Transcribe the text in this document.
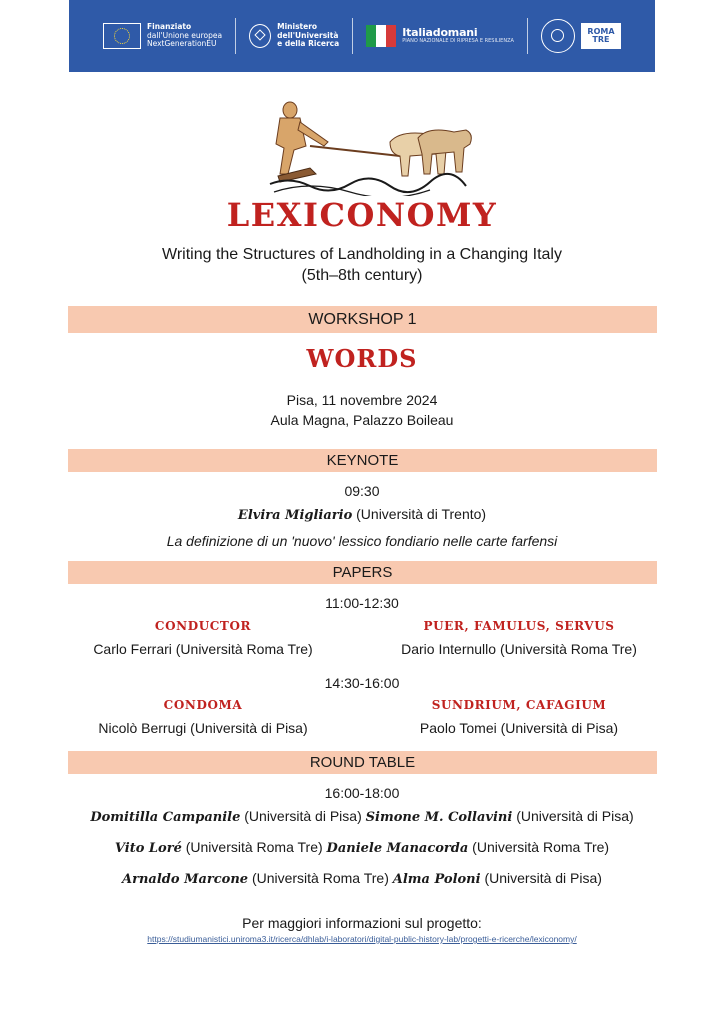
Finanziato
dall'Unione europea
NextGenerationEU
Ministero
dell'Università
e della Ricerca
Italiadomani
PIANO NAZIONALE DI RIPRESA E RESILIENZA
ROMA
TRE
LEXICONOMY
Writing the Structures of Landholding in a Changing Italy
(5th–8th century)
WORKSHOP 1
WORDS
Pisa, 11 novembre 2024
Aula Magna, Palazzo Boileau
KEYNOTE
09:30
Elvira Migliario (Università di Trento)
La definizione di un 'nuovo' lessico fondiario nelle carte farfensi
PAPERS
11:00-12:30
CONDUCTOR
Carlo Ferrari (Università Roma Tre)
PUER, FAMULUS, SERVUS
Dario Internullo (Università Roma Tre)
14:30-16:00
CONDOMA
Nicolò Berrugi (Università di Pisa)
SUNDRIUM, CAFAGIUM
Paolo Tomei (Università di Pisa)
ROUND TABLE
16:00-18:00
Domitilla Campanile (Università di Pisa) Simone M. Collavini (Università di Pisa)
Vito Loré (Università Roma Tre) Daniele Manacorda (Università Roma Tre)
Arnaldo Marcone (Università Roma Tre) Alma Poloni (Università di Pisa)
Per maggiori informazioni sul progetto:
https://studiumanistici.uniroma3.it/ricerca/dhlab/i-laboratori/digital-public-history-lab/progetti-e-ricerche/lexiconomy/
